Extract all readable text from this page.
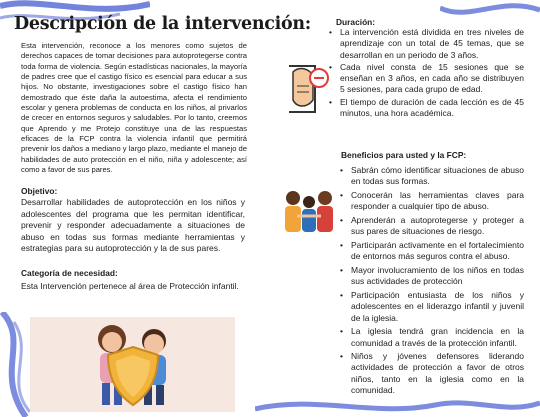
Descripción de la intervención:
Esta intervención, reconoce a los menores como sujetos de derechos capaces de tomar decisiones para autoprotegerse contra toda forma de violencia. Según estadísticas nacionales, la mayoría de padres cree que el castigo físico es esencial para educar a sus hijos. No obstante, investigaciones sobre el castigo físico han demostrado que éste daña la autoestima, afecta el rendimiento escolar y genera problemas de conducta en los niños, al privarlos de crecer en entornos seguros y saludables. Por lo tanto, creemos que Aprendo y me Protejo constituye una de las respuestas eficaces de la FCP contra la violencia infantil que permitirá prevenir los daños a mediano y largo plazo, mediante el manejo de habilidades de auto protección en el niño, niña y adolescente; así como a favor de sus pares.
Objetivo:
Desarrollar habilidades de autoprotección en los niños y adolescentes del programa que les permitan identificar, prevenir y responder adecuadamente a situaciones de abuso en todas sus formas mediante herramientas y estrategias para su autoprotección y la de sus pares.
Categoría de necesidad:
Esta Intervención pertenece al área de Protección infantil.
Duración:
• La intervención está dividida en tres niveles de aprendizaje con un total de 45 temas, que se desarrollan en un periodo de 3 años.
• Cada nivel consta de 15 sesiones que se enseñan en 3 años, en cada año se distribuyen 5 sesiones, para cada grupo de edad.
• El tiempo de duración de cada lección es de 45 minutos, una hora académica.
Beneficios para usted y la FCP:
• Sabrán cómo identificar situaciones de abuso en todas sus formas.
• Conocerán las herramientas claves para responder a cualquier tipo de abuso.
• Aprenderán a autoprotegerse y proteger a sus pares de situaciones de riesgo.
• Participarán activamente en el fortalecimiento de entornos más seguros contra el abuso.
• Mayor involucramiento de los niños en todas sus actividades de protección
• Participación entusiasta de los niños y adolescentes en el liderazgo infantil y juvenil de la iglesia.
• La iglesia tendrá gran incidencia en la comunidad a través de la protección infantil.
• Niños y jóvenes defensores liderando actividades de protección a favor de otros niños, tanto en la iglesia como en la comunidad.
